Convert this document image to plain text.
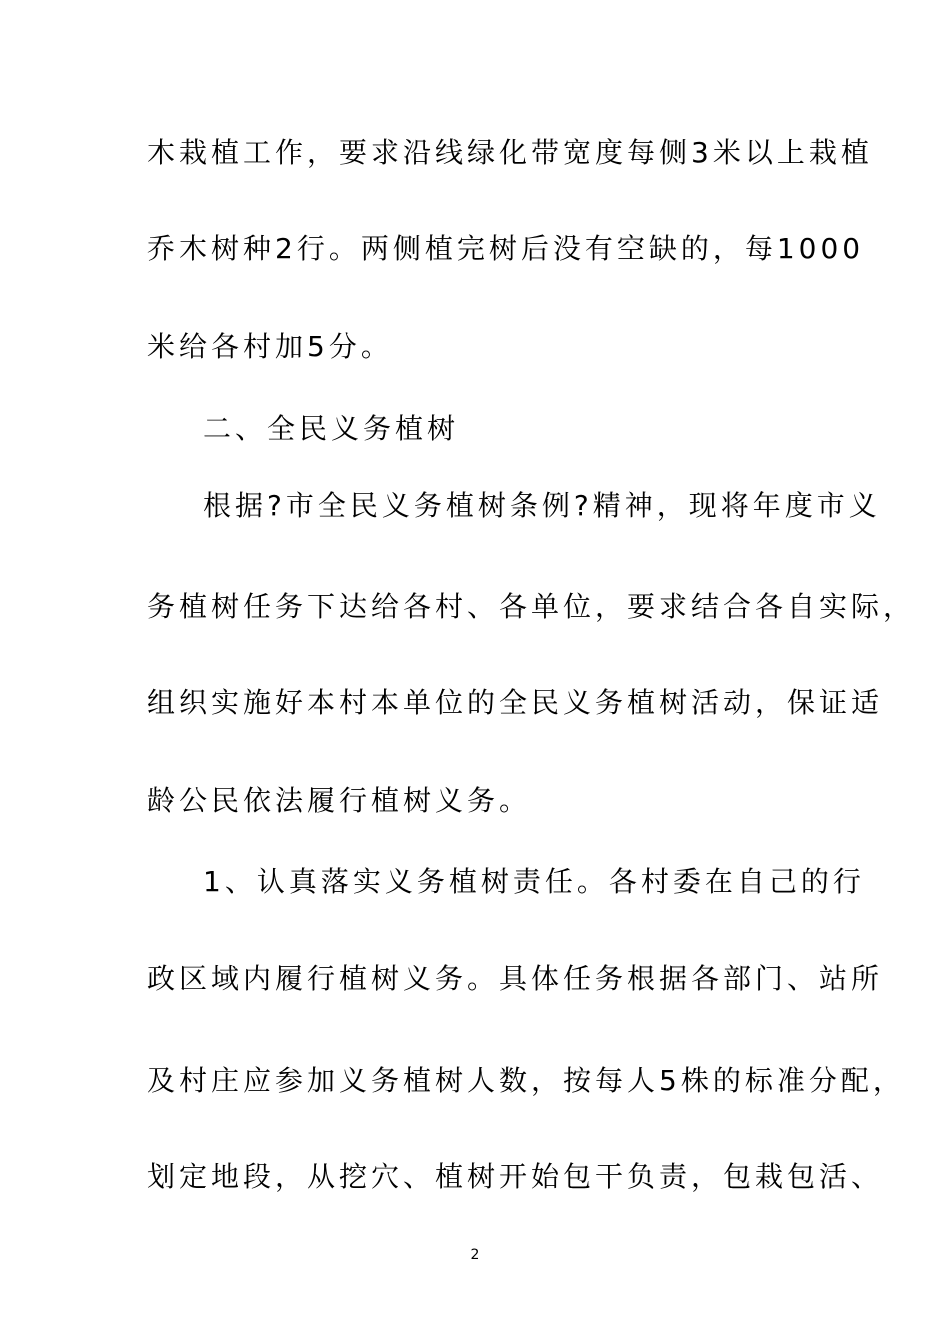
木栽植工作，要求沿线绿化带宽度每侧3米以上栽植
乔木树种2行。两侧植完树后没有空缺的，每1000
米给各村加5分。
二、全民义务植树
根据?市全民义务植树条例?精神，现将年度市义
务植树任务下达给各村、各单位，要求结合各自实际，
组织实施好本村本单位的全民义务植树活动，保证适
龄公民依法履行植树义务。
1、认真落实义务植树责任。各村委在自己的行
政区域内履行植树义务。具体任务根据各部门、站所
及村庄应参加义务植树人数，按每人5株的标准分配，
划定地段，从挖穴、植树开始包干负责，包栽包活、
2
